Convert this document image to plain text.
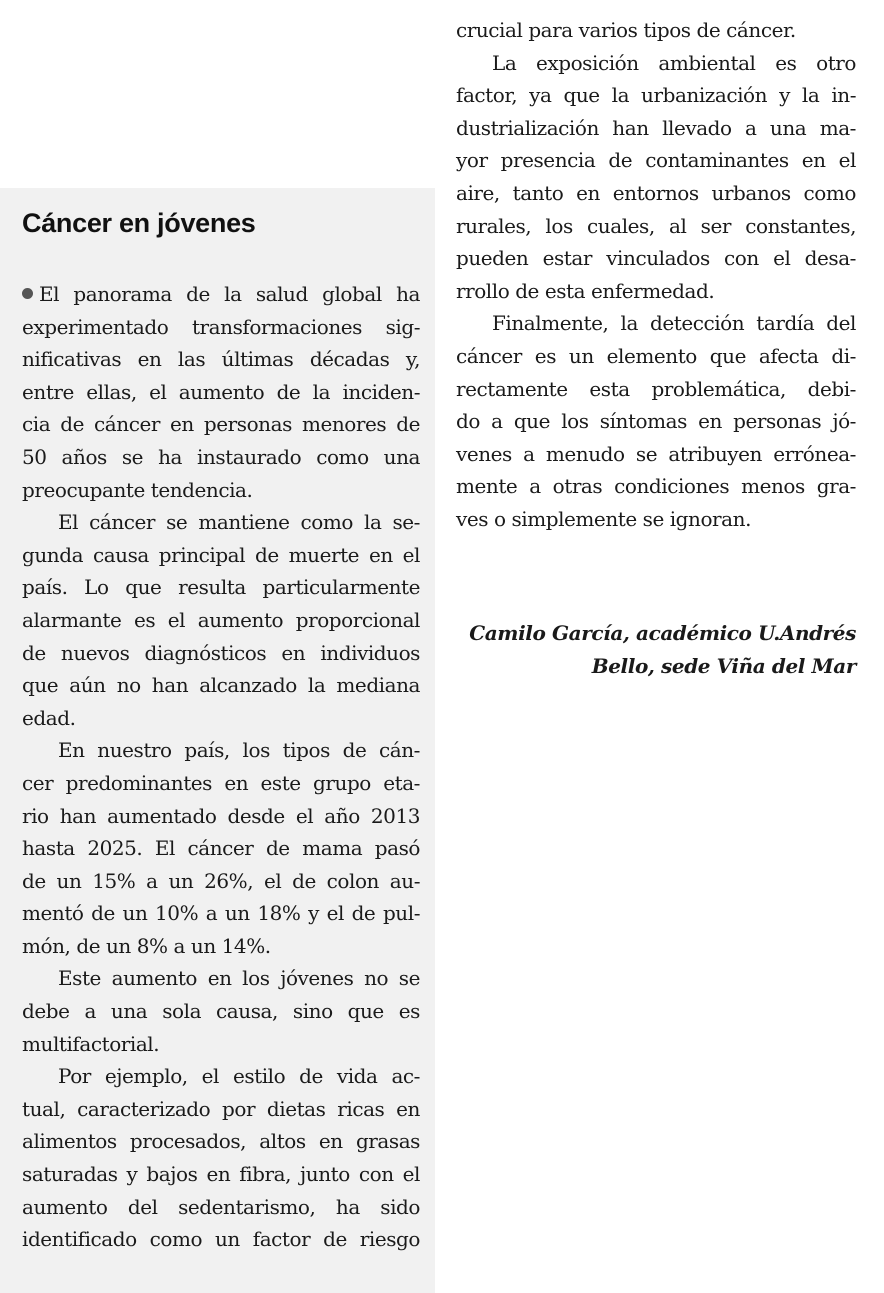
Cáncer en jóvenes

El panorama de la salud global ha
experimentado transformaciones sig-
nificativas en las últimas décadas y,
entre ellas, el aumento de la inciden-
cia de cáncer en personas menores de
50 años se ha instaurado como una
preocupante tendencia.

El cáncer se mantiene como la se-
gunda causa principal de muerte en el
país. Lo que resulta particularmente
alarmante es el aumento proporcional
de nuevos diagnósticos en individuos
que aún no han alcanzado la mediana
edad.

En nuestro país, los tipos de cán-
cer predominantes en este grupo eta-
rio han aumentado desde el año 2013
hasta 2025. El cáncer de mama pasó
de un 15% a un 26%, el de colon au-
mentó de un 10% a un 18% y el de pul-
món, de un 8% a un 14%.

Este aumento en los jóvenes no se
debe a una sola causa, sino que es
multifactorial.

Por ejemplo, el estilo de vida ac-
tual, caracterizado por dietas ricas en
alimentos procesados, altos en grasas
saturadas y bajos en fibra, junto con el
aumento del sedentarismo, ha sido
identificado como un factor de riesgo

crucial para varios tipos de cáncer.

La exposición ambiental es otro
factor, ya que la urbanización y la in-
dustrialización han llevado a una ma-
yor presencia de contaminantes en el
aire, tanto en entornos urbanos como
rurales, los cuales, al ser constantes,
pueden estar vinculados con el desa-
rrollo de esta enfermedad.

Finalmente, la detección tardía del
cáncer es un elemento que afecta di-
rectamente esta problemática, debi-
do a que los síntomas en personas jó-
venes a menudo se atribuyen erróneа-
mente a otras condiciones menos gra-
ves o simplemente se ignoran.

Camilo García, académico U.Andrés
Bello, sede Viña del Mar
